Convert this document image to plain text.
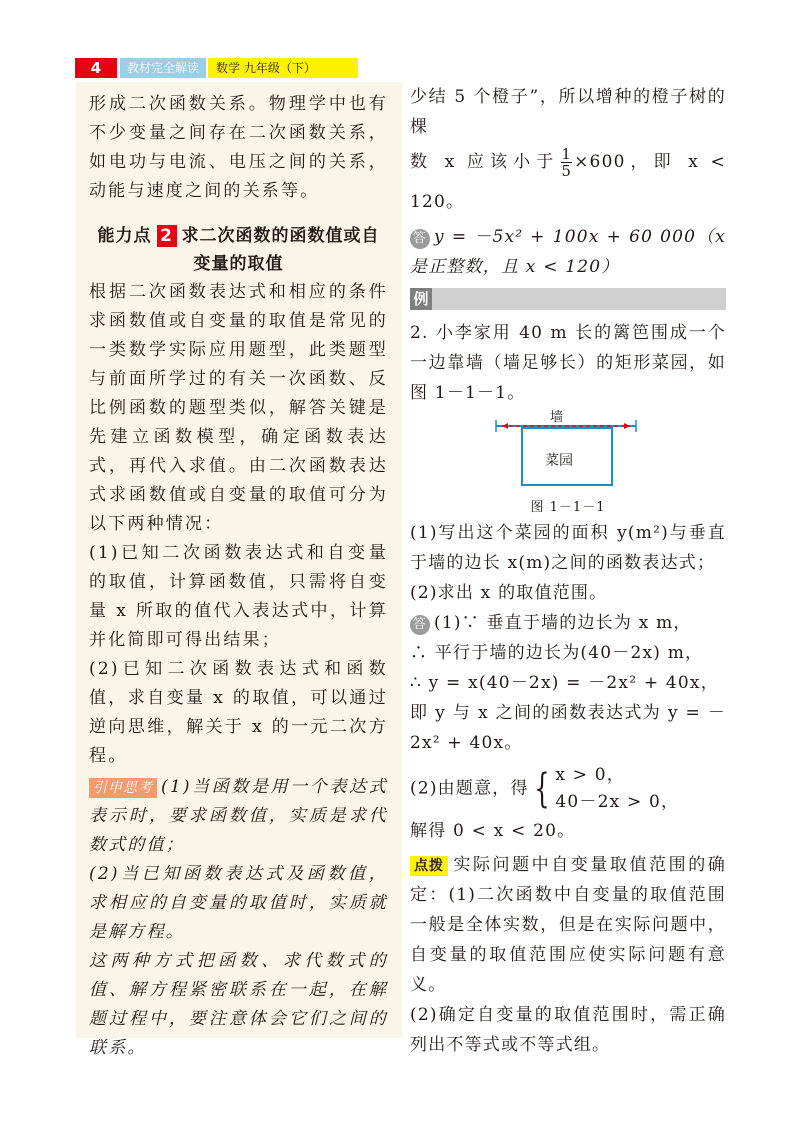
4	教材完全解读	数学 九年级（下）

形成二次函数关系。物理学中也有不少变量之间存在二次函数关系，如电功与电流、电压之间的关系，动能与速度之间的关系等。

能力点 2 求二次函数的函数值或自
变量的取值

根据二次函数表达式和相应的条件求函数值或自变量的取值是常见的一类数学实际应用题型，此类题型与前面所学过的有关一次函数、反比例函数的题型类似，解答关键是先建立函数模型，确定函数表达式，再代入求值。由二次函数表达式求函数值或自变量的取值可分为以下两种情况：

(1)已知二次函数表达式和自变量的取值，计算函数值，只需将自变量 x 所取的值代入表达式中，计算并化简即可得出结果；

(2)已知二次函数表达式和函数值，求自变量 x 的取值，可以通过逆向思维，解关于 x 的一元二次方程。

引申思考 (1)当函数是用一个表达式表示时，要求函数值，实质是求代数式的值；

(2)当已知函数表达式及函数值，求相应的自变量的取值时，实质就是解方程。

这两种方式把函数、求代数式的值、解方程紧密联系在一起，在解题过程中，要注意体会它们之间的联系。

少结 5 个橙子”，所以增种的橙子树的棵

数 x 应该小于 $\frac{1}{5} \times 600$，即 x < 120。

答 y = －5x² + 100x + 60 000（x 是正整数，且 x < 120）

例

2. 小李家用 40 m 长的篱笆围成一个一边靠墙（墙足够长）的矩形菜园，如图 1－1－1。

墙
菜园
图 1－1－1

(1)写出这个菜园的面积 y(m²)与垂直于墙的边长 x(m)之间的函数表达式；

(2)求出 x 的取值范围。

答 (1)∵ 垂直于墙的边长为 x m，

∴ 平行于墙的边长为(40－2x) m，

∴ y = x(40－2x) = －2x² + 40x，

即 y 与 x 之间的函数表达式为 y = －2x² + 40x。

(2)由题意，得 { x > 0，
40－2x > 0，

解得 0 < x < 20。

点拨 实际问题中自变量取值范围的确定：(1)二次函数中自变量的取值范围一般是全体实数，但是在实际问题中，自变量的取值范围应使实际问题有意义。

(2)确定自变量的取值范围时，需正确列出不等式或不等式组。
